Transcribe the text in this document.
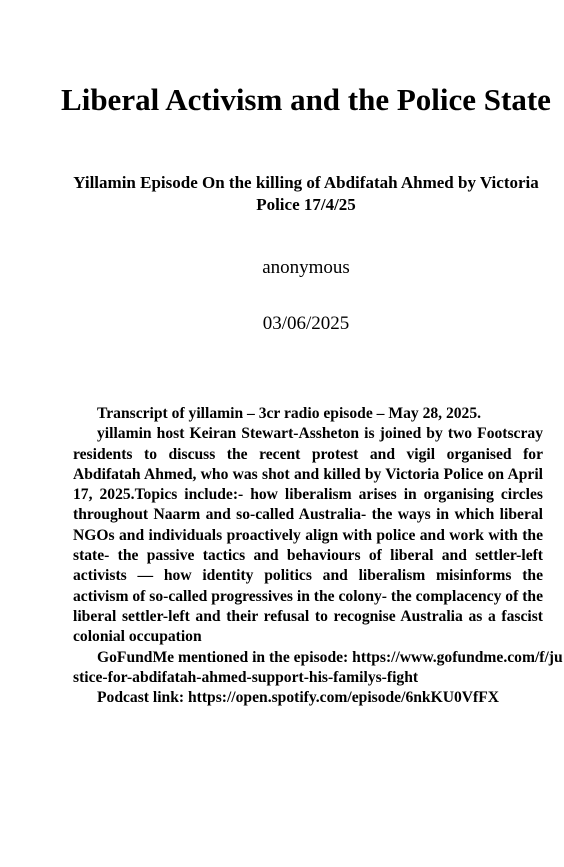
Liberal Activism and the Police State
Yillamin Episode On the killing of Abdifatah Ahmed by Victoria Police 17/4/25
anonymous
03/06/2025

Transcript of yillamin – 3cr radio episode – May 28, 2025.

yillamin host Keiran Stewart-Assheton is joined by two Footscray residents to discuss the recent protest and vigil organised for Abdifatah Ahmed, who was shot and killed by Victoria Police on April 17, 2025.Topics include:- how liberalism arises in organising circles throughout Naarm and so-called Australia- the ways in which liberal NGOs and individuals proactively align with police and work with the state- the passive tactics and behaviours of liberal and settler-left activists — how identity politics and liberalism misinforms the activism of so-called progressives in the colony- the complacency of the liberal settler-left and their refusal to recognise Australia as a fascist colonial occupation

GoFundMe mentioned in the episode: https://www.gofundme.com/f/justice-for-abdifatah-ahmed-support-his-familys-fight

Podcast link: https://open.spotify.com/episode/6nkKU0VfFX
